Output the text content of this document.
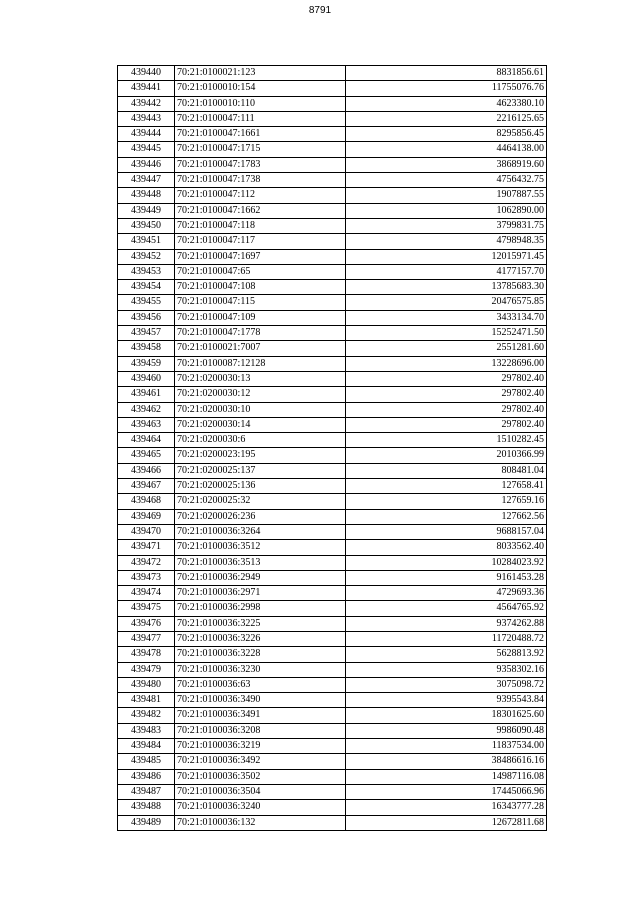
8791
439440	70:21:0100021:123	8831856.61
439441	70:21:0100010:154	11755076.76
439442	70:21:0100010:110	4623380.10
439443	70:21:0100047:111	2216125.65
439444	70:21:0100047:1661	8295856.45
439445	70:21:0100047:1715	4464138.00
439446	70:21:0100047:1783	3868919.60
439447	70:21:0100047:1738	4756432.75
439448	70:21:0100047:112	1907887.55
439449	70:21:0100047:1662	1062890.00
439450	70:21:0100047:118	3799831.75
439451	70:21:0100047:117	4798948.35
439452	70:21:0100047:1697	12015971.45
439453	70:21:0100047:65	4177157.70
439454	70:21:0100047:108	13785683.30
439455	70:21:0100047:115	20476575.85
439456	70:21:0100047:109	3433134.70
439457	70:21:0100047:1778	15252471.50
439458	70:21:0100021:7007	2551281.60
439459	70:21:0100087:12128	13228696.00
439460	70:21:0200030:13	297802.40
439461	70:21:0200030:12	297802.40
439462	70:21:0200030:10	297802.40
439463	70:21:0200030:14	297802.40
439464	70:21:0200030:6	1510282.45
439465	70:21:0200023:195	2010366.99
439466	70:21:0200025:137	808481.04
439467	70:21:0200025:136	127658.41
439468	70:21:0200025:32	127659.16
439469	70:21:0200026:236	127662.56
439470	70:21:0100036:3264	9688157.04
439471	70:21:0100036:3512	8033562.40
439472	70:21:0100036:3513	10284023.92
439473	70:21:0100036:2949	9161453.28
439474	70:21:0100036:2971	4729693.36
439475	70:21:0100036:2998	4564765.92
439476	70:21:0100036:3225	9374262.88
439477	70:21:0100036:3226	11720488.72
439478	70:21:0100036:3228	5628813.92
439479	70:21:0100036:3230	9358302.16
439480	70:21:0100036:63	3075098.72
439481	70:21:0100036:3490	9395543.84
439482	70:21:0100036:3491	18301625.60
439483	70:21:0100036:3208	9986090.48
439484	70:21:0100036:3219	11837534.00
439485	70:21:0100036:3492	38486616.16
439486	70:21:0100036:3502	14987116.08
439487	70:21:0100036:3504	17445066.96
439488	70:21:0100036:3240	16343777.28
439489	70:21:0100036:132	12672811.68
